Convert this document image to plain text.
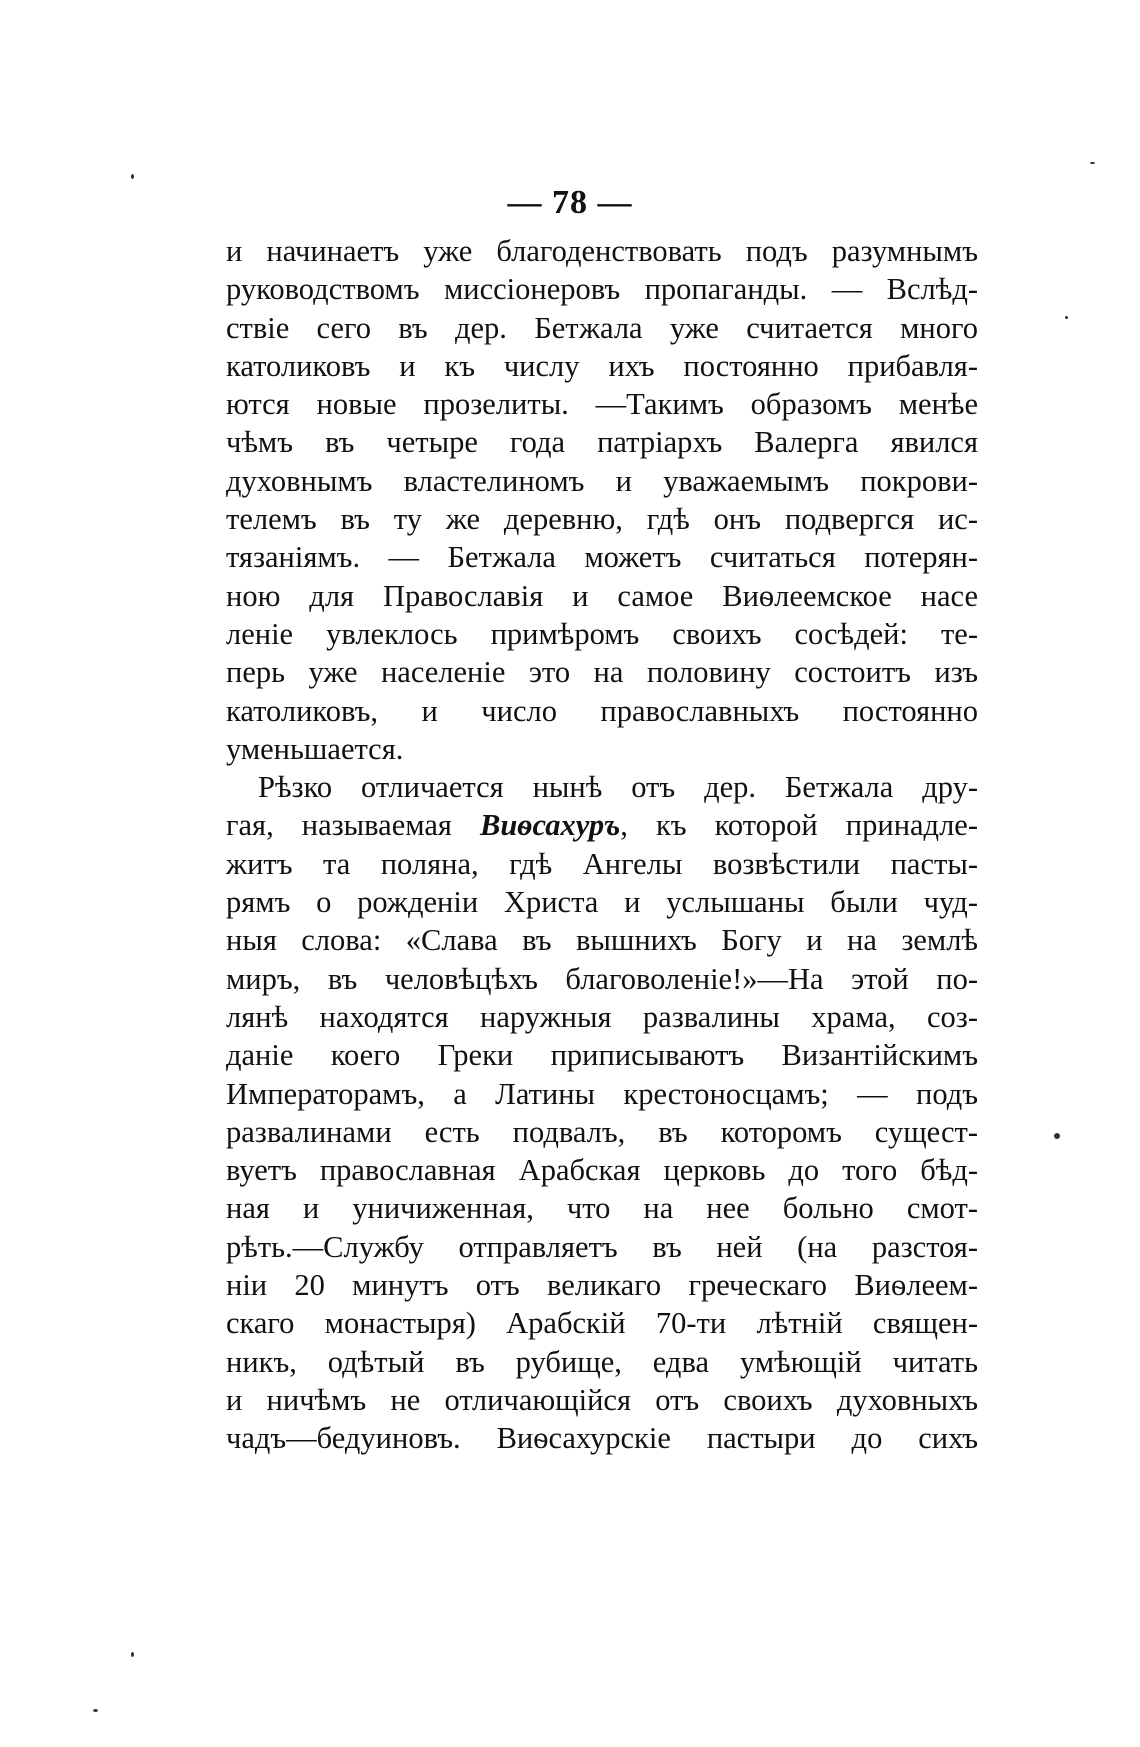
— 78 —
и начинаетъ уже благоденствовать подъ разумнымъ
руководствомъ миссіонеровъ пропаганды. — Вслѣд-
ствіе сего въ дер. Бетжала уже считается много
католиковъ и къ числу ихъ постоянно прибавля-
ются новые прозелиты. —Такимъ образомъ менѣе
чѣмъ въ четыре года патріархъ Валерга явился
духовнымъ властелиномъ и уважаемымъ покрови-
телемъ въ ту же деревню, гдѣ онъ подвергся ис-
тязаніямъ. — Бетжала можетъ считаться потерян-
ною для Православія и самое Виѳлеемское насе
леніе увлеклось примѣромъ своихъ сосѣдей: те-
перь уже населеніе это на половину состоитъ изъ
католиковъ, и число православныхъ постоянно
уменьшается.
Рѣзко отличается нынѣ отъ дер. Бетжала дру-
гая, называемая Виѳсахуръ, къ которой принадле-
житъ та поляна, гдѣ Ангелы возвѣстили пасты-
рямъ о рожденіи Христа и услышаны были чуд-
ныя слова: «Слава въ вышнихъ Богу и на землѣ
миръ, въ человѣцѣхъ благоволеніе!»—На этой по-
лянѣ находятся наружныя развалины храма, соз-
даніе коего Греки приписываютъ Византійскимъ
Императорамъ, а Латины крестоносцамъ; — подъ
развалинами есть подвалъ, въ которомъ сущест-
вуетъ православная Арабская церковь до того бѣд-
ная и уничиженная, что на нее больно смот-
рѣть.—Службу отправляетъ въ ней (на разстоя-
ніи 20 минутъ отъ великаго греческаго Виѳлеем-
скаго монастыря) Арабскій 70-ти лѣтній священ-
никъ, одѣтый въ рубище, едва умѣющій читать
и ничѣмъ не отличающійся отъ своихъ духовныхъ
чадъ—бедуиновъ. Виѳсахурскіе пастыри до сихъ
